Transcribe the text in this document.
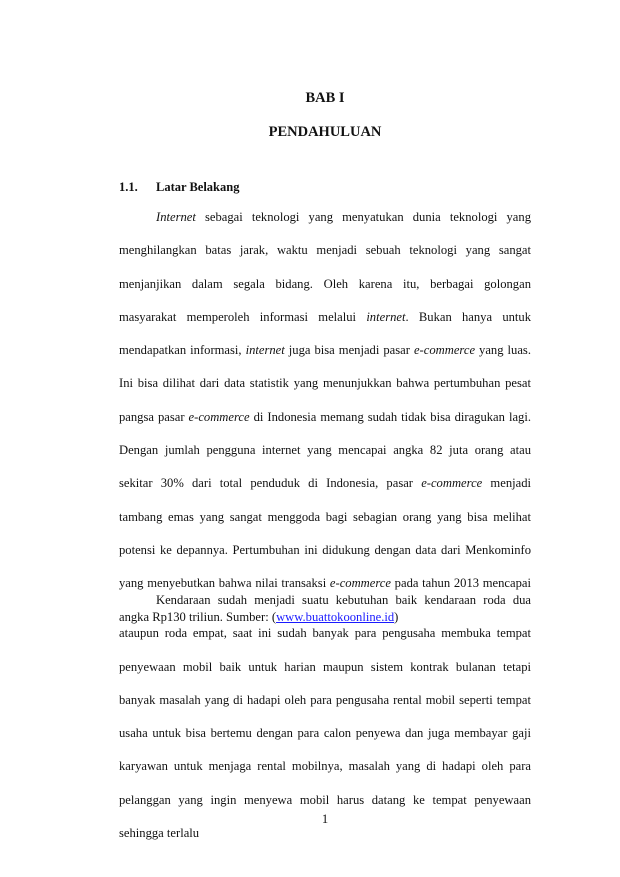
BAB I
PENDAHULUAN
1.1. Latar Belakang

Internet sebagai teknologi yang menyatukan dunia teknologi yang menghilangkan batas jarak, waktu menjadi sebuah teknologi yang sangat menjanjikan dalam segala bidang. Oleh karena itu, berbagai golongan masyarakat memperoleh informasi melalui internet. Bukan hanya untuk mendapatkan informasi, internet juga bisa menjadi pasar e-commerce yang luas. Ini bisa dilihat dari data statistik yang menunjukkan bahwa pertumbuhan pesat pangsa pasar e-commerce di Indonesia memang sudah tidak bisa diragukan lagi. Dengan jumlah pengguna internet yang mencapai angka 82 juta orang atau sekitar 30% dari total penduduk di Indonesia, pasar e-commerce menjadi tambang emas yang sangat menggoda bagi sebagian orang yang bisa melihat potensi ke depannya. Pertumbuhan ini didukung dengan data dari Menkominfo yang menyebutkan bahwa nilai transaksi e-commerce pada tahun 2013 mencapai angka Rp130 triliun. Sumber: (www.buattokoonline.id)

Kendaraan sudah menjadi suatu kebutuhan baik kendaraan roda dua ataupun roda empat, saat ini sudah banyak para pengusaha membuka tempat penyewaan mobil baik untuk harian maupun sistem kontrak bulanan tetapi banyak masalah yang di hadapi oleh para pengusaha rental mobil seperti tempat usaha untuk bisa bertemu dengan para calon penyewa dan juga membayar gaji karyawan untuk menjaga rental mobilnya, masalah yang di hadapi oleh para pelanggan yang ingin menyewa mobil harus datang ke tempat penyewaan sehingga terlalu

1
